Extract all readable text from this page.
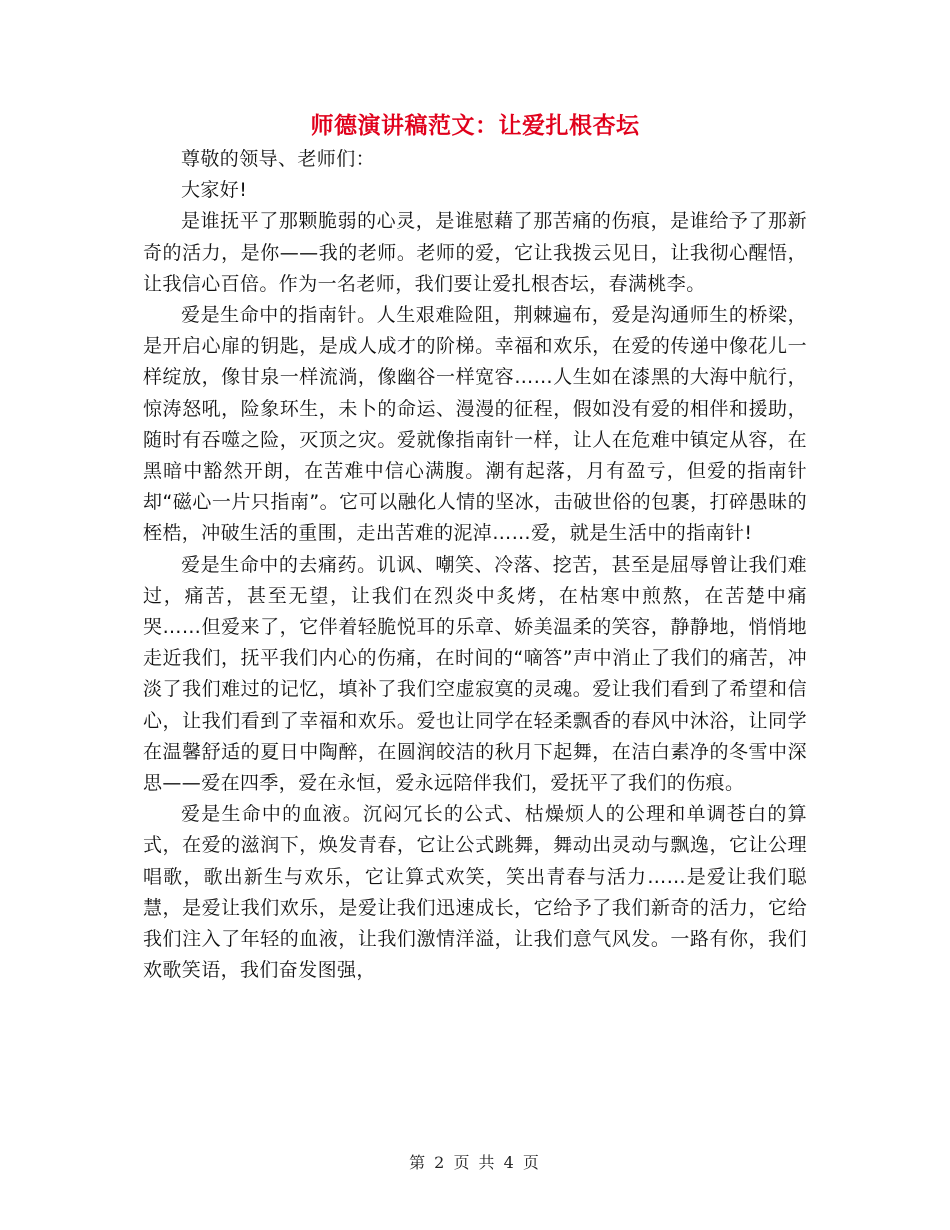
师德演讲稿范文：让爱扎根杏坛

尊敬的领导、老师们：

大家好!

是谁抚平了那颗脆弱的心灵，是谁慰藉了那苦痛的伤痕，是谁给予了那新奇的活力，是你——我的老师。老师的爱，它让我拨云见日，让我彻心醒悟，让我信心百倍。作为一名老师，我们要让爱扎根杏坛，春满桃李。

爱是生命中的指南针。人生艰难险阻，荆棘遍布，爱是沟通师生的桥梁，是开启心扉的钥匙，是成人成才的阶梯。幸福和欢乐，在爱的传递中像花儿一样绽放，像甘泉一样流淌，像幽谷一样宽容……人生如在漆黑的大海中航行，惊涛怒吼，险象环生，未卜的命运、漫漫的征程，假如没有爱的相伴和援助，随时有吞噬之险，灭顶之灾。爱就像指南针一样，让人在危难中镇定从容，在黑暗中豁然开朗，在苦难中信心满腹。潮有起落，月有盈亏，但爱的指南针却“磁心一片只指南”。它可以融化人情的坚冰，击破世俗的包裹，打碎愚昧的桎梏，冲破生活的重围，走出苦难的泥淖……爱，就是生活中的指南针!

爱是生命中的去痛药。讥讽、嘲笑、冷落、挖苦，甚至是屈辱曾让我们难过，痛苦，甚至无望，让我们在烈炎中炙烤，在枯寒中煎熬，在苦楚中痛哭……但爱来了，它伴着轻脆悦耳的乐章、娇美温柔的笑容，静静地，悄悄地走近我们，抚平我们内心的伤痛，在时间的“嘀答”声中消止了我们的痛苦，冲淡了我们难过的记忆，填补了我们空虚寂寞的灵魂。爱让我们看到了希望和信心，让我们看到了幸福和欢乐。爱也让同学在轻柔飘香的春风中沐浴，让同学在温馨舒适的夏日中陶醉，在圆润皎洁的秋月下起舞，在洁白素净的冬雪中深思——爱在四季，爱在永恒，爱永远陪伴我们，爱抚平了我们的伤痕。

爱是生命中的血液。沉闷冗长的公式、枯燥烦人的公理和单调苍白的算式，在爱的滋润下，焕发青春，它让公式跳舞，舞动出灵动与飘逸，它让公理唱歌，歌出新生与欢乐，它让算式欢笑，笑出青春与活力……是爱让我们聪慧，是爱让我们欢乐，是爱让我们迅速成长，它给予了我们新奇的活力，它给我们注入了年轻的血液，让我们激情洋溢，让我们意气风发。一路有你，我们欢歌笑语，我们奋发图强，

第 2 页 共 4 页
